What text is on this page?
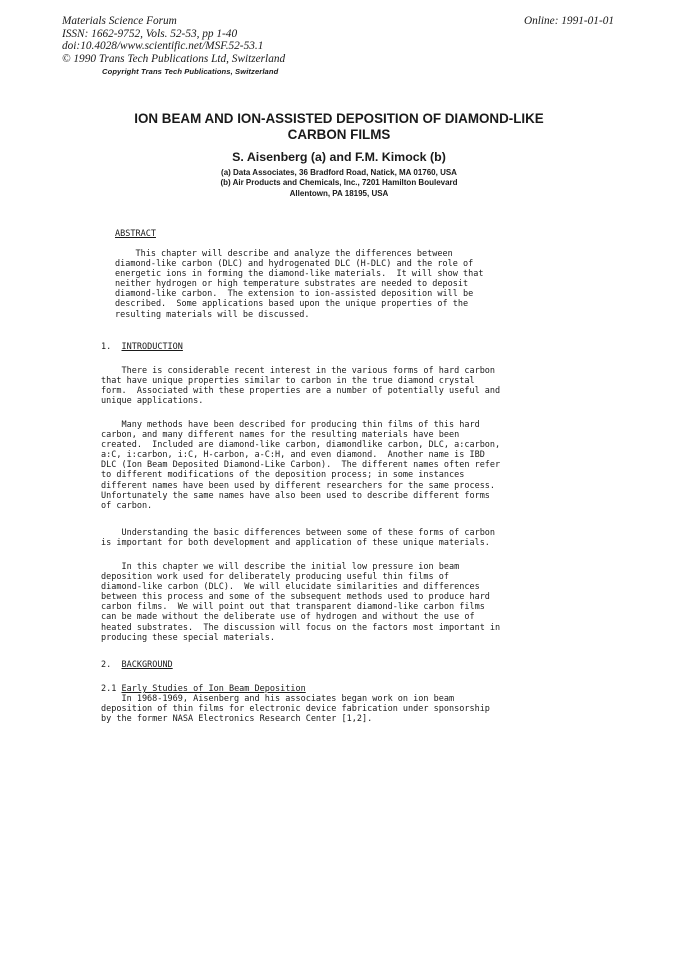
Materials Science Forum
ISSN: 1662-9752, Vols. 52-53, pp 1-40
doi:10.4028/www.scientific.net/MSF.52-53.1
© 1990 Trans Tech Publications Ltd, Switzerland
Online: 1991-01-01
Copyright Trans Tech Publications, Switzerland
ION BEAM AND ION-ASSISTED DEPOSITION OF DIAMOND-LIKE
CARBON FILMS
S. Aisenberg (a) and F.M. Kimock (b)
(a) Data Associates, 36 Bradford Road, Natick, MA 01760, USA
(b) Air Products and Chemicals, Inc., 7201 Hamilton Boulevard
Allentown, PA 18195, USA
ABSTRACT
This chapter will describe and analyze the differences between
diamond-like carbon (DLC) and hydrogenated DLC (H-DLC) and the role of
energetic ions in forming the diamond-like materials.  It will show that
neither hydrogen or high temperature substrates are needed to deposit
diamond-like carbon.  The extension to ion-assisted deposition will be
described.  Some applications based upon the unique properties of the
resulting materials will be discussed.
1. INTRODUCTION
There is considerable recent interest in the various forms of hard carbon
that have unique properties similar to carbon in the true diamond crystal
form.  Associated with these properties are a number of potentially useful and
unique applications.
Many methods have been described for producing thin films of this hard
carbon, and many different names for the resulting materials have been
created.  Included are diamond-like carbon, diamondlike carbon, DLC, a:carbon,
a:C, i:carbon, i:C, H-carbon, a-C:H, and even diamond.  Another name is IBD
DLC (Ion Beam Deposited Diamond-Like Carbon).  The different names often refer
to different modifications of the deposition process; in some instances
different names have been used by different researchers for the same process.
Unfortunately the same names have also been used to describe different forms
of carbon.
Understanding the basic differences between some of these forms of carbon
is important for both development and application of these unique materials.
In this chapter we will describe the initial low pressure ion beam
deposition work used for deliberately producing useful thin films of
diamond-like carbon (DLC).  We will elucidate similarities and differences
between this process and some of the subsequent methods used to produce hard
carbon films.  We will point out that transparent diamond-like carbon films
can be made without the deliberate use of hydrogen and without the use of
heated substrates.  The discussion will focus on the factors most important in
producing these special materials.
2. BACKGROUND
2.1 Early Studies of Ion Beam Deposition
In 1968-1969, Aisenberg and his associates began work on ion beam
deposition of thin films for electronic device fabrication under sponsorship
by the former NASA Electronics Research Center [1,2].
